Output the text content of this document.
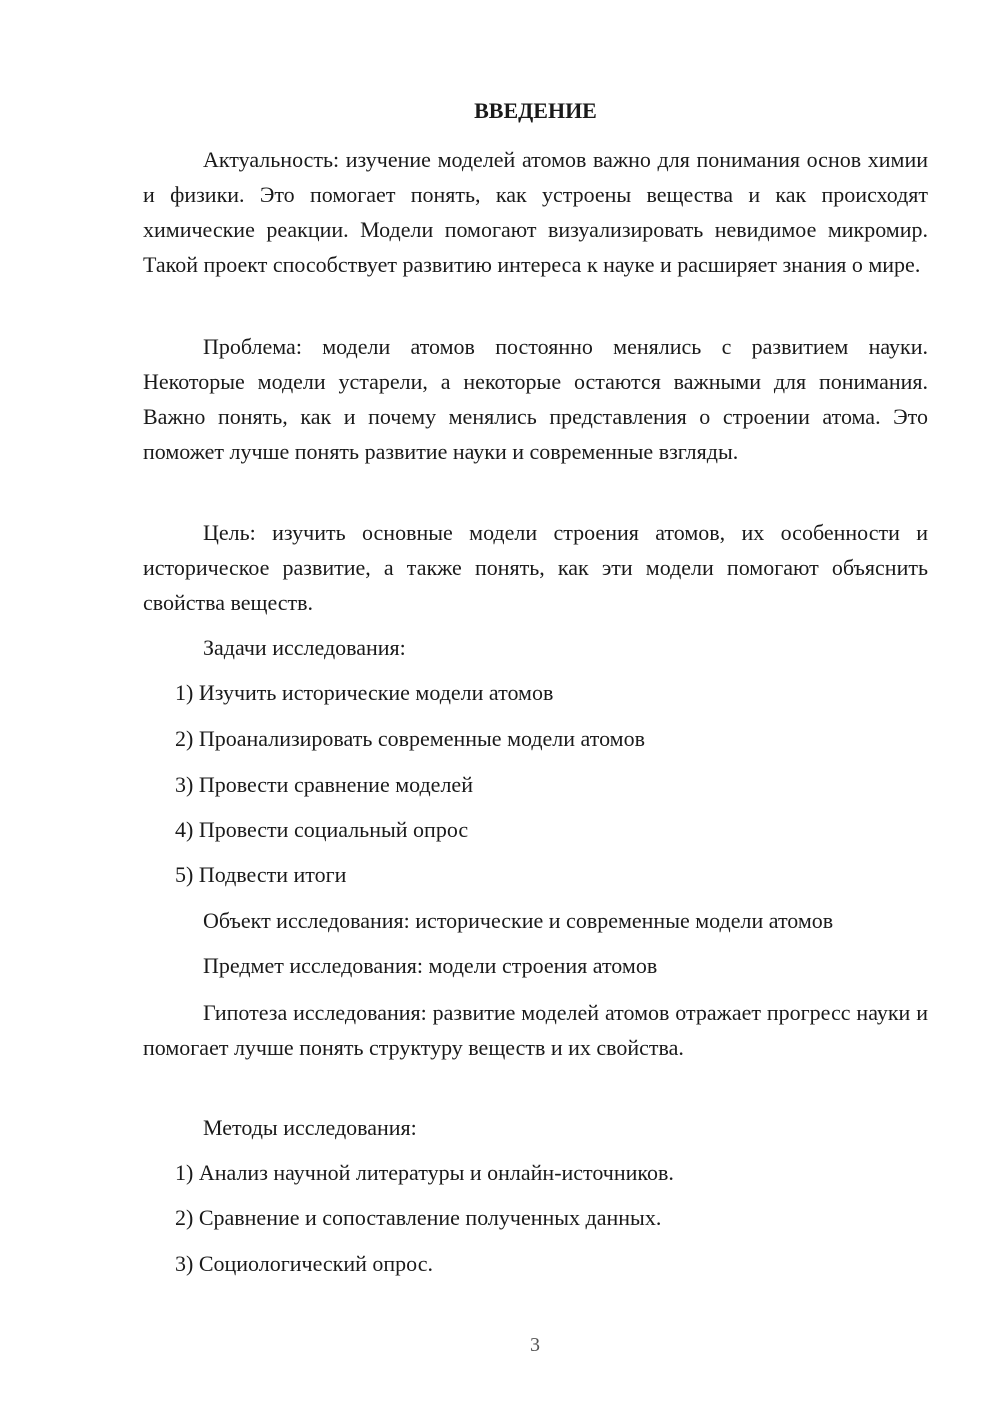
ВВЕДЕНИЕ

Актуальность: изучение моделей атомов важно для понимания основ химии и физики. Это помогает понять, как устроены вещества и как происходят химические реакции. Модели помогают визуализировать невидимое микромир. Такой проект способствует развитию интереса к науке и расширяет знания о мире.

Проблема: модели атомов постоянно менялись с развитием науки. Некоторые модели устарели, а некоторые остаются важными для понимания. Важно понять, как и почему менялись представления о строении атома. Это поможет лучше понять развитие науки и современные взгляды.

Цель: изучить основные модели строения атомов, их особенности и историческое развитие, а также понять, как эти модели помогают объяснить свойства веществ.

Задачи исследования:
1) Изучить исторические модели атомов
2) Проанализировать современные модели атомов
3) Провести сравнение моделей
4) Провести социальный опрос
5) Подвести итоги
Объект исследования: исторические и современные модели атомов
Предмет исследования: модели строения атомов

Гипотеза исследования: развитие моделей атомов отражает прогресс науки и помогает лучше понять структуру веществ и их свойства.

Методы исследования:
1) Анализ научной литературы и онлайн-источников.
2) Сравнение и сопоставление полученных данных.
3) Социологический опрос.
3
